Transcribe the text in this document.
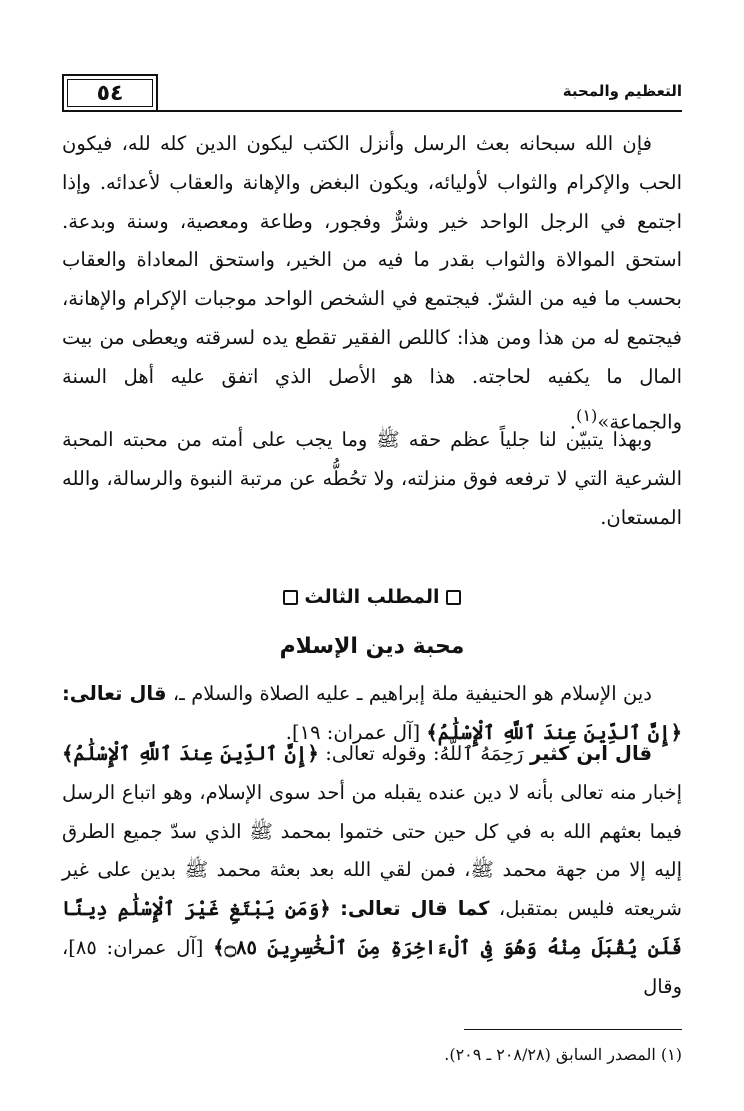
٥٤	التعظيم والمحبة
فإن الله سبحانه بعث الرسل وأنزل الكتب ليكون الدين كله لله، فيكون الحب والإكرام والثواب لأوليائه، ويكون البغض والإهانة والعقاب لأعدائه. وإذا اجتمع في الرجل الواحد خير وشرٌّ وفجور، وطاعة ومعصية، وسنة وبدعة. استحق الموالاة والثواب بقدر ما فيه من الخير، واستحق المعاداة والعقاب بحسب ما فيه من الشرّ. فيجتمع في الشخص الواحد موجبات الإكرام والإهانة، فيجتمع له من هذا ومن هذا: كاللص الفقير تقطع يده لسرقته ويعطى من بيت المال ما يكفيه لحاجته. هذا هو الأصل الذي اتفق عليه أهل السنة والجماعة»$^{(١)}$.
وبهذا يتبيّن لنا جلياً عظم حقه ﷺ وما يجب على أمته من محبته المحبة الشرعية التي لا ترفعه فوق منزلته، ولا تحُطُّه عن مرتبة النبوة والرسالة، والله المستعان.
المطلب الثالث
محبة دين الإسلام
دين الإسلام هو الحنيفية ملة إبراهيم ـ عليه الصلاة والسلام ـ، قال تعالى: ﴿إِنَّ ٱلدِّينَ عِندَ ٱللَّهِ ٱلْإِسْلَٰمُ﴾ [آل عمران: ١٩].
قال ابن كثير رَحِمَهُ ٱللَّهُ: وقوله تعالى: ﴿إِنَّ ٱلدِّينَ عِندَ ٱللَّهِ ٱلْإِسْلَٰمُ﴾ إخبار منه تعالى بأنه لا دين عنده يقبله من أحد سوى الإسلام، وهو اتباع الرسل فيما بعثهم الله به في كل حين حتى ختموا بمحمد ﷺ الذي سدّ جميع الطرق إليه إلا من جهة محمد ﷺ، فمن لقي الله بعد بعثة محمد ﷺ بدين على غير شريعته فليس بمتقبل، كما قال تعالى: ﴿وَمَن يَبْتَغِ غَيْرَ ٱلْإِسْلَٰمِ دِينًا فَلَن يُقْبَلَ مِنْهُ وَهُوَ فِى ٱلْءَاخِرَةِ مِنَ ٱلْخَٰسِرِينَ ۝٨٥﴾ [آل عمران: ٨٥]، وقال
(١) المصدر السابق (٢٠٨/٢٨ ـ ٢٠٩).
